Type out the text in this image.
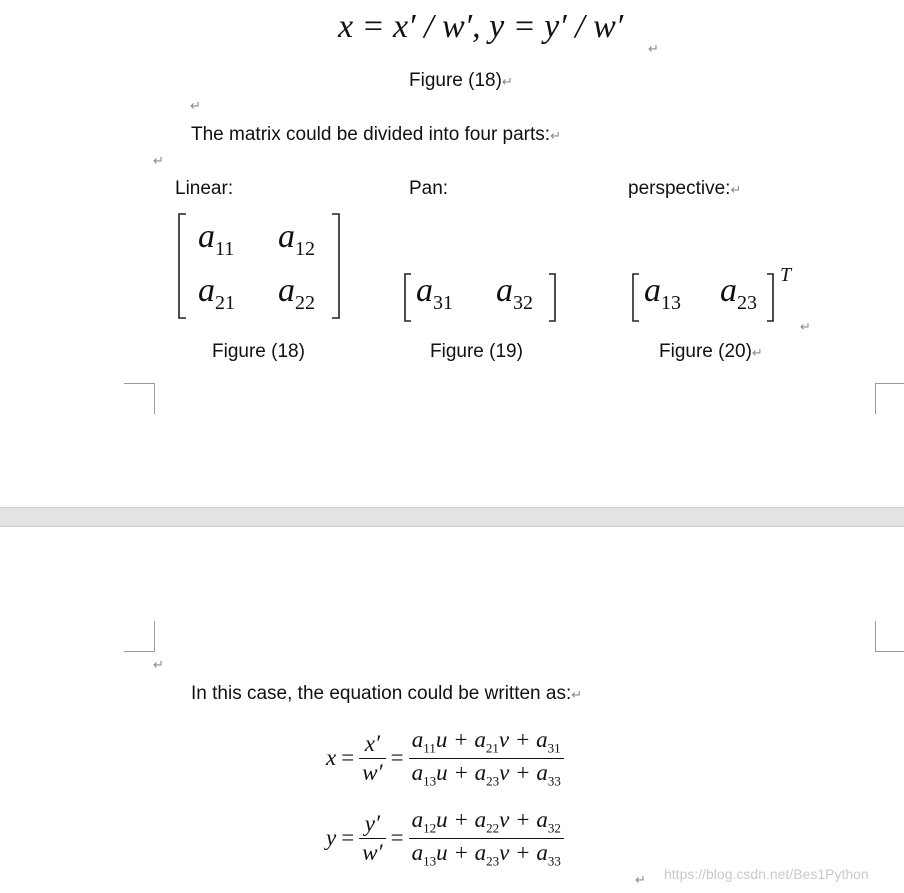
x = x′ / w′, y = y′ / w′
↵
Figure (18)↵
↵
The matrix could be divided into four parts:↵
↵
Linear:	Pan:	perspective:↵
$a_{11}$ $a_{12}$
$a_{21}$ $a_{22}$	$a_{31}$ $a_{32}$	$a_{13}$ $a_{23}$
T
↵
Figure (18)	Figure (19)	Figure (20)↵
↵
In this case, the equation could be written as:↵
$x = \frac{x'}{w'} = \frac{a_{11}u + a_{21}v + a_{31}}{a_{13}u + a_{23}v + a_{33}}$
$y = \frac{y'}{w'} = \frac{a_{12}u + a_{22}v + a_{32}}{a_{13}u + a_{23}v + a_{33}}$
↵ https://blog.csdn.net/Bes1Python
